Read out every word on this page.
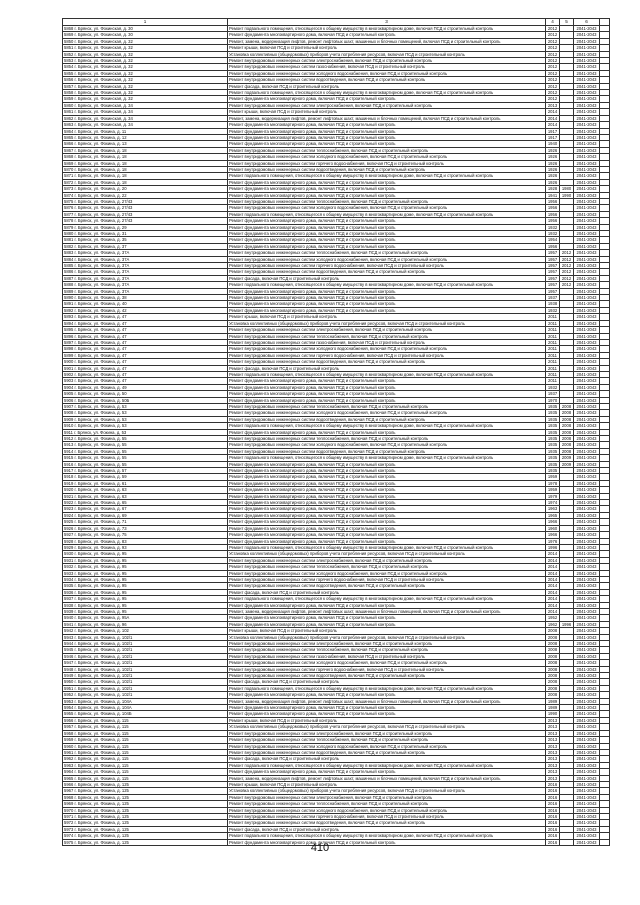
1	3	4	5	6	
5868 г. Брянск, ул. Фокинская, д. 30	Ремонт подвального помещения, относящегося к общему имуществу в многоквартирном доме, включая ПСД и строительный контроль	2012		2041-2043	
5869 г. Брянск, ул. Фокинская, д. 30	Ремонт фундамента многоквартирного дома, включая ПСД и строительный контроль	2012		2041-2043	
5850 г. Брянск, ул. Фокинская, д. 32	Ремонт, замена, модернизация лифтов, ремонт лифтовых шахт, машинных и блочных помещений, включая ПСД и строительный контроль	2012		2041-2043	
5851 г. Брянск, ул. Фокинская, д. 32	Ремонт крыши, включая ПСД и строительный контроль	2012		2041-2043	
5852 г. Брянск, ул. Фокинская, д. 32	Установка коллективных (общедомовых) приборов учета потребления ресурсов, включая ПСД и строительный контроль	2012		2041-2043	
5853 г. Брянск, ул. Фокинская, д. 32	Ремонт внутридомовых инженерных систем электроснабжения, включая ПСД и строительный контроль	2012		2041-2043	
5854 г. Брянск, ул. Фокинская, д. 32	Ремонт внутридомовых инженерных систем газоснабжения, включая ПСД и строительный контроль	2012		2041-2043	
5855 г. Брянск, ул. Фокинская, д. 32	Ремонт внутридомовых инженерных систем холодного водоснабжения, включая ПСД и строительный контроль	2012		2041-2043	
5856 г. Брянск, ул. Фокинская, д. 32	Ремонт внутридомовых инженерных систем водоотведения, включая ПСД и строительный контроль	2012		2041-2043	
5857 г. Брянск, ул. Фокинская, д. 32	Ремонт фасада, включая ПСД и строительный контроль	2012		2041-2043	
5858 г. Брянск, ул. Фокинская, д. 32	Ремонт подвального помещения, относящегося к общему имуществу в многоквартирном доме, включая ПСД и строительный контроль	2012		2041-2043	
5859 г. Брянск, ул. Фокинская, д. 32	Ремонт фундамента многоквартирного дома, включая ПСД и строительный контроль	2012		2041-2043	
5860 г. Брянск, ул. Фокинская, д. 34	Ремонт внутридомовых инженерных систем электроснабжения, включая ПСД и строительный контроль	2013		2041-2043	
5861 г. Брянск, ул. Фокинская, д. 34	Ремонт крыши, включая ПСД и строительный контроль	2014		2041-2043	
5862 г. Брянск, ул. Фокинская, д. 34	Ремонт, замена, модернизация лифтов, ремонт лифтовых шахт, машинных и блочных помещений, включая ПСД и строительный контроль	2014		2041-2043	
5863 г. Брянск, ул. Фокинская, д. 34	Ремонт фундамента многоквартирного дома, включая ПСД и строительный контроль	2014		2041-2043	
5864 г. Брянск, ул. Фокина, д. 11	Ремонт фундамента многоквартирного дома, включая ПСД и строительный контроль	1917		2041-2043	
5865 г. Брянск, ул. Фокина, д. 12	Ремонт фундамента многоквартирного дома, включая ПСД и строительный контроль	1917		2041-2043	
5866 г. Брянск, ул. Фокина, д. 13	Ремонт фундамента многоквартирного дома, включая ПСД и строительный контроль	1940		2041-2043	
5867 г. Брянск, ул. Фокина, д. 18	Ремонт внутридомовых инженерных систем теплоснабжения, включая ПСД и строительный контроль	1926		2041-2043	
5868 г. Брянск, ул. Фокина, д. 18	Ремонт внутридомовых инженерных систем холодного водоснабжения, включая ПСД и строительный контроль	1926		2041-2043	
5869 г. Брянск, ул. Фокина, д. 18	Ремонт внутридомовых инженерных систем горячего водоснабжения, включая ПСД и строительный контроль	1926		2041-2043	
5870 г. Брянск, ул. Фокина, д. 18	Ремонт внутридомовых инженерных систем водоотведения, включая ПСД и строительный контроль	1926		2041-2043	
5871 г. Брянск, ул. Фокина, д. 18	Ремонт подвального помещения, относящегося к общему имуществу в многоквартирном доме, включая ПСД и строительный контроль	1926		2041-2043	
5872 г. Брянск, ул. Фокина, д. 18	Ремонт фундамента многоквартирного дома, включая ПСД и строительный контроль	1926		2041-2043	
5873 г. Брянск, ул. Фокина, д. 20	Ремонт фундамента многоквартирного дома, включая ПСД и строительный контроль	1928	1980	2041-2043	
5874 г. Брянск, ул. Фокина, д. 22	Ремонт фундамента многоквартирного дома, включая ПСД и строительный контроль	1941	1990	2041-2043	
5875 г. Брянск, ул. Фокина, д. 27/43	Ремонт внутридомовых инженерных систем теплоснабжения, включая ПСД и строительный контроль	1956		2041-2043	
5876 г. Брянск, ул. Фокина, д. 27/43	Ремонт внутридомовых инженерных систем холодного водоснабжения, включая ПСД и строительный контроль	1956		2041-2043	
5877 г. Брянск, ул. Фокина, д. 27/43	Ремонт подвального помещения, относящегося к общему имуществу в многоквартирном доме, включая ПСД и строительный контроль	1956		2041-2043	
5878 г. Брянск, ул. Фокина, д. 27/43	Ремонт фундамента многоквартирного дома, включая ПСД и строительный контроль	1956		2041-2043	
5879 г. Брянск, ул. Фокина, д. 29	Ремонт фундамента многоквартирного дома, включая ПСД и строительный контроль	1932		2041-2043	
5880 г. Брянск, ул. Фокина, д. 31	Ремонт фундамента многоквартирного дома, включая ПСД и строительный контроль	1932		2041-2043	
5881 г. Брянск, ул. Фокина, д. 35	Ремонт фундамента многоквартирного дома, включая ПСД и строительный контроль	1954		2041-2043	
5882 г. Брянск, ул. Фокина, д. 37	Ремонт фундамента многоквартирного дома, включая ПСД и строительный контроль	1956		2041-2043	
5883 г. Брянск, ул. Фокина, д. 37А	Ремонт внутридомовых инженерных систем теплоснабжения, включая ПСД и строительный контроль	1957	2012	2041-2043	
5884 г. Брянск, ул. Фокина, д. 37А	Ремонт внутридомовых инженерных систем холодного водоснабжения, включая ПСД и строительный контроль	1957	2012	2041-2043	
5885 г. Брянск, ул. Фокина, д. 37А	Ремонт внутридомовых инженерных систем горячего водоснабжения, включая ПСД и строительный контроль	1957	2012	2041-2043	
5886 г. Брянск, ул. Фокина, д. 37А	Ремонт внутридомовых инженерных систем водоотведения, включая ПСД и строительный контроль	1957	2012	2041-2043	
5887 г. Брянск, ул. Фокина, д. 37А	Ремонт фасада, включая ПСД и строительный контроль	1957	2012	2041-2043	
5888 г. Брянск, ул. Фокина, д. 37А	Ремонт подвального помещения, относящегося к общему имуществу в многоквартирном доме, включая ПСД и строительный контроль	1957	2012	2041-2043	
5889 г. Брянск, ул. Фокина, д. 37А	Ремонт фундамента многоквартирного дома, включая ПСД и строительный контроль	1957		2041-2043	
5890 г. Брянск, ул. Фокина, д. 38	Ремонт фундамента многоквартирного дома, включая ПСД и строительный контроль	1937		2041-2043	
5891 г. Брянск, ул. Фокина, д. 40	Ремонт фундамента многоквартирного дома, включая ПСД и строительный контроль	1938		2041-2043	
5892 г. Брянск, ул. Фокина, д. 42	Ремонт фундамента многоквартирного дома, включая ПСД и строительный контроль	1932		2041-2043	
5893 г. Брянск, ул. Фокина, д. 47	Ремонт крыши, включая ПСД и строительный контроль	2011		2041-2043	
5894 г. Брянск, ул. Фокина, д. 47	Установка коллективных (общедомовых) приборов учета потребления ресурсов, включая ПСД и строительный контроль	2011		2041-2043	
5895 г. Брянск, ул. Фокина, д. 47	Ремонт внутридомовых инженерных систем электроснабжения, включая ПСД и строительный контроль	2011		2041-2043	
5896 г. Брянск, ул. Фокина, д. 47	Ремонт внутридомовых инженерных систем теплоснабжения, включая ПСД и строительный контроль	2011		2041-2043	
5897 г. Брянск, ул. Фокина, д. 47	Ремонт внутридомовых инженерных систем газоснабжения, включая ПСД и строительный контроль	2011		2041-2043	
5898 г. Брянск, ул. Фокина, д. 47	Ремонт внутридомовых инженерных систем холодного водоснабжения, включая ПСД и строительный контроль	2011		2041-2043	
5899 г. Брянск, ул. Фокина, д. 47	Ремонт внутридомовых инженерных систем горячего водоснабжения, включая ПСД и строительный контроль	2011		2041-2043	
5900 г. Брянск, ул. Фокина, д. 47	Ремонт внутридомовых инженерных систем водоотведения, включая ПСД и строительный контроль	2011		2041-2043	
5901 г. Брянск, ул. Фокина, д. 47	Ремонт фасада, включая ПСД и строительный контроль	2011		2041-2043	
5902 г. Брянск, ул. Фокина, д. 47	Ремонт подвального помещения, относящегося к общему имуществу в многоквартирном доме, включая ПСД и строительный контроль	2011		2041-2043	
5903 г. Брянск, ул. Фокина, д. 47	Ремонт фундамента многоквартирного дома, включая ПСД и строительный контроль	2011		2041-2043	
5904 г. Брянск, ул. Фокина, д. 49	Ремонт фундамента многоквартирного дома, включая ПСД и строительный контроль	1932		2041-2043	
5905 г. Брянск, ул. Фокина, д. 50	Ремонт фундамента многоквартирного дома, включая ПСД и строительный контроль	1937		2041-2043	
5906 г. Брянск, ул. Фокина, д. 50Б	Ремонт фундамента многоквартирного дома, включая ПСД и строительный контроль	1970		2041-2043	
5907 г. Брянск, ул. Фокина, д. 53	Ремонт внутридомовых инженерных систем теплоснабжения, включая ПСД и строительный контроль	1935	2008	2041-2043	
5908 г. Брянск, ул. Фокина, д. 53	Ремонт внутридомовых инженерных систем холодного водоснабжения, включая ПСД и строительный контроль	1935	2008	2041-2043	
5909 г. Брянск, ул. Фокина, д. 53	Ремонт внутридомовых инженерных систем водоотведения, включая ПСД и строительный контроль	1935	2008	2041-2043	
5910 г. Брянск, ул. Фокина, д. 53	Ремонт подвального помещения, относящегося к общему имуществу в многоквартирном доме, включая ПСД и строительный контроль	1935	2008	2041-2043	
5911 г. Брянск, ул. Фокина, д. 53	Ремонт фундамента многоквартирного дома, включая ПСД и строительный контроль	1935	2008	2041-2043	
5912 г. Брянск, ул. Фокина, д. 55	Ремонт внутридомовых инженерных систем теплоснабжения, включая ПСД и строительный контроль	1935	2008	2041-2043	
5913 г. Брянск, ул. Фокина, д. 55	Ремонт внутридомовых инженерных систем холодного водоснабжения, включая ПСД и строительный контроль	1935	2008	2041-2043	
5914 г. Брянск, ул. Фокина, д. 55	Ремонт внутридомовых инженерных систем водоотведения, включая ПСД и строительный контроль	1935	2008	2041-2043	
5915 г. Брянск, ул. Фокина, д. 55	Ремонт подвального помещения, относящегося к общему имуществу в многоквартирном доме, включая ПСД и строительный контроль	1935	2009	2041-2043	
5916 г. Брянск, ул. Фокина, д. 55	Ремонт фундамента многоквартирного дома, включая ПСД и строительный контроль	1935	2009	2041-2043	
5917 г. Брянск, ул. Фокина, д. 57	Ремонт фундамента многоквартирного дома, включая ПСД и строительный контроль	1935		2041-2043	
5918 г. Брянск, ул. Фокина, д. 59	Ремонт фундамента многоквартирного дома, включая ПСД и строительный контроль	1959		2041-2043	
5919 г. Брянск, ул. Фокина, д. 61	Ремонт фундамента многоквартирного дома, включая ПСД и строительный контроль	1978		2041-2043	
5920 г. Брянск, ул. Фокина, д. 63	Ремонт фундамента многоквартирного дома, включая ПСД и строительный контроль	1959		2041-2043	
5921 г. Брянск, ул. Фокина, д. 63	Ремонт фундамента многоквартирного дома, включая ПСД и строительный контроль	1979		2041-2043	
5922 г. Брянск, ул. Фокина, д. 65	Ремонт фундамента многоквартирного дома, включая ПСД и строительный контроль	1974		2041-2043	
5923 г. Брянск, ул. Фокина, д. 67	Ремонт фундамента многоквартирного дома, включая ПСД и строительный контроль	1963		2041-2043	
5924 г. Брянск, ул. Фокина, д. 69	Ремонт фундамента многоквартирного дома, включая ПСД и строительный контроль	1965		2041-2043	
5925 г. Брянск, ул. Фокина, д. 71	Ремонт фундамента многоквартирного дома, включая ПСД и строительный контроль	1966		2041-2043	
5926 г. Брянск, ул. Фокина, д. 73	Ремонт фундамента многоквартирного дома, включая ПСД и строительный контроль	1960		2041-2043	
5927 г. Брянск, ул. Фокина, д. 75	Ремонт фундамента многоквартирного дома, включая ПСД и строительный контроль	1966		2041-2043	
5928 г. Брянск, ул. Фокина, д. 83	Ремонт фундамента многоквартирного дома, включая ПСД и строительный контроль	1976		2041-2043	
5929 г. Брянск, ул. Фокина, д. 93	Ремонт подвального помещения, относящегося к общему имуществу в многоквартирном доме, включая ПСД и строительный контроль	1996		2041-2043	
5930 г. Брянск, ул. Фокина, д. 95	Установка коллективных (общедомовых) приборов учета потребления ресурсов, включая ПСД и строительный контроль	2014		2041-2043	
5931 г. Брянск, ул. Фокина, д. 95	Ремонт внутридомовых инженерных систем электроснабжения, включая ПСД и строительный контроль	2014		2041-2043	
5932 г. Брянск, ул. Фокина, д. 95	Ремонт внутридомовых инженерных систем теплоснабжения, включая ПСД и строительный контроль	2014		2041-2043	
5933 г. Брянск, ул. Фокина, д. 95	Ремонт внутридомовых инженерных систем холодного водоснабжения, включая ПСД и строительный контроль	2014		2041-2043	
5934 г. Брянск, ул. Фокина, д. 95	Ремонт внутридомовых инженерных систем горячего водоснабжения, включая ПСД и строительный контроль	2014		2041-2043	
5935 г. Брянск, ул. Фокина, д. 95	Ремонт внутридомовых инженерных систем водоотведения, включая ПСД и строительный контроль	2014		2041-2043	
5936 г. Брянск, ул. Фокина, д. 95	Ремонт фасада, включая ПСД и строительный контроль	2014		2041-2043	
5937 г. Брянск, ул. Фокина, д. 95	Ремонт подвального помещения, относящегося к общему имуществу в многоквартирном доме, включая ПСД и строительный контроль	2014		2041-2043	
5938 г. Брянск, ул. Фокина, д. 95	Ремонт фундамента многоквартирного дома, включая ПСД и строительный контроль	2014		2041-2043	
5939 г. Брянск, ул. Фокина, д. 95	Ремонт, замена, модернизация лифтов, ремонт лифтовых шахт, машинных и блочных помещений, включая ПСД и строительный контроль	2014		2041-2043	
5940 г. Брянск, ул. Фокина, д. 95А	Ремонт фундамента многоквартирного дома, включая ПСД и строительный контроль	1952		2041-2043	
5941 г. Брянск, ул. Фокина, д. 96	Ремонт фундамента многоквартирного дома, включая ПСД и строительный контроль	1962	1996	2041-2043	
5942 г. Брянск, ул. Фокина, д. 102	Ремонт крыши, включая ПСД и строительный контроль	2008		2041-2043	
5943 г. Брянск, ул. Фокина, д. 102/1	Установка коллективных (общедомовых) приборов учета потребления ресурсов, включая ПСД и строительный контроль	2008		2041-2043	
5944 г. Брянск, ул. Фокина, д. 102/1	Ремонт внутридомовых инженерных систем электроснабжения, включая ПСД и строительный контроль	2008		2041-2043	
5945 г. Брянск, ул. Фокина, д. 102/1	Ремонт внутридомовых инженерных систем теплоснабжения, включая ПСД и строительный контроль	2008		2041-2043	
5946 г. Брянск, ул. Фокина, д. 102/1	Ремонт внутридомовых инженерных систем газоснабжения, включая ПСД и строительный контроль	2008		2041-2043	
5947 г. Брянск, ул. Фокина, д. 102/1	Ремонт внутридомовых инженерных систем холодного водоснабжения, включая ПСД и строительный контроль	2008		2041-2043	
5948 г. Брянск, ул. Фокина, д. 102/1	Ремонт внутридомовых инженерных систем горячего водоснабжения, включая ПСД и строительный контроль	2008		2041-2043	
5949 г. Брянск, ул. Фокина, д. 102/1	Ремонт внутридомовых инженерных систем водоотведения, включая ПСД и строительный контроль	2008		2041-2043	
5950 г. Брянск, ул. Фокина, д. 102/1	Ремонт фасада, включая ПСД и строительный контроль	2008		2041-2043	
5951 г. Брянск, ул. Фокина, д. 102/1	Ремонт подвального помещения, относящегося к общему имуществу в многоквартирном доме, включая ПСД и строительный контроль	2008		2041-2043	
5952 г. Брянск, ул. Фокина, д. 102/1	Ремонт фундамента многоквартирного дома, включая ПСД и строительный контроль	2008		2041-2043	
5953 г. Брянск, ул. Фокина, д. 104А	Ремонт, замена, модернизация лифтов, ремонт лифтовых шахт, машинных и блочных помещений, включая ПСД и строительный контроль	1989		2041-2043	
5954 г. Брянск, ул. Фокина, д. 104А	Ремонт фундамента многоквартирного дома, включая ПСД и строительный контроль	1989		2041-2043	
5955 г. Брянск, ул. Фокина, д. 104Б	Ремонт фундамента многоквартирного дома, включая ПСД и строительный контроль	1990		2041-2043	
5956 г. Брянск, ул. Фокина, д. 115	Ремонт крыши, включая ПСД и строительный контроль	2013		2041-2043	
5957 г. Брянск, ул. Фокина, д. 115	Установка коллективных (общедомовых) приборов учета потребления ресурсов, включая ПСД и строительный контроль	2013		2041-2043	
5958 г. Брянск, ул. Фокина, д. 115	Ремонт внутридомовых инженерных систем электроснабжения, включая ПСД и строительный контроль	2013		2041-2043	
5959 г. Брянск, ул. Фокина, д. 115	Ремонт внутридомовых инженерных систем теплоснабжения, включая ПСД и строительный контроль	2013		2041-2043	
5960 г. Брянск, ул. Фокина, д. 115	Ремонт внутридомовых инженерных систем холодного водоснабжения, включая ПСД и строительный контроль	2013		2041-2043	
5961 г. Брянск, ул. Фокина, д. 115	Ремонт внутридомовых инженерных систем водоотведения, включая ПСД и строительный контроль	2013		2041-2043	
5962 г. Брянск, ул. Фокина, д. 115	Ремонт фасада, включая ПСД и строительный контроль	2013		2041-2043	
5963 г. Брянск, ул. Фокина, д. 115	Ремонт подвального помещения, относящегося к общему имуществу в многоквартирном доме, включая ПСД и строительный контроль	2013		2041-2043	
5964 г. Брянск, ул. Фокина, д. 115	Ремонт фундамента многоквартирного дома, включая ПСД и строительный контроль	2013		2041-2043	
5965 г. Брянск, ул. Фокина, д. 115	Ремонт, замена, модернизация лифтов, ремонт лифтовых шахт, машинных и блочных помещений, включая ПСД и строительный контроль	2013		2041-2043	
5966 г. Брянск, ул. Фокина, д. 125	Ремонт крыши, включая ПСД и строительный контроль	2016		2041-2043	
5967 г. Брянск, ул. Фокина, д. 125	Установка коллективных (общедомовых) приборов учета потребления ресурсов, включая ПСД и строительный контроль	2016		2041-2043	
5968 г. Брянск, ул. Фокина, д. 125	Ремонт внутридомовых инженерных систем электроснабжения, включая ПСД и строительный контроль	2016		2041-2043	
5969 г. Брянск, ул. Фокина, д. 125	Ремонт внутридомовых инженерных систем теплоснабжения, включая ПСД и строительный контроль	2016		2041-2043	
5970 г. Брянск, ул. Фокина, д. 125	Ремонт внутридомовых инженерных систем холодного водоснабжения, включая ПСД и строительный контроль	2016		2041-2043	
5971 г. Брянск, ул. Фокина, д. 125	Ремонт внутридомовых инженерных систем горячего водоснабжения, включая ПСД и строительный контроль	2016		2041-2043	
5972 г. Брянск, ул. Фокина, д. 125	Ремонт внутридомовых инженерных систем водоотведения, включая ПСД и строительный контроль	2016		2041-2043	
5973 г. Брянск, ул. Фокина, д. 125	Ремонт фасада, включая ПСД и строительный контроль	2016		2041-2043	
5974 г. Брянск, ул. Фокина, д. 125	Ремонт подвального помещения, относящегося к общему имуществу в многоквартирном доме, включая ПСД и строительный контроль	2016		2041-2043	
5975 г. Брянск, ул. Фокина, д. 125	Ремонт фундамента многоквартирного дома, включая ПСД и строительный контроль	2016		2041-2043	
410
